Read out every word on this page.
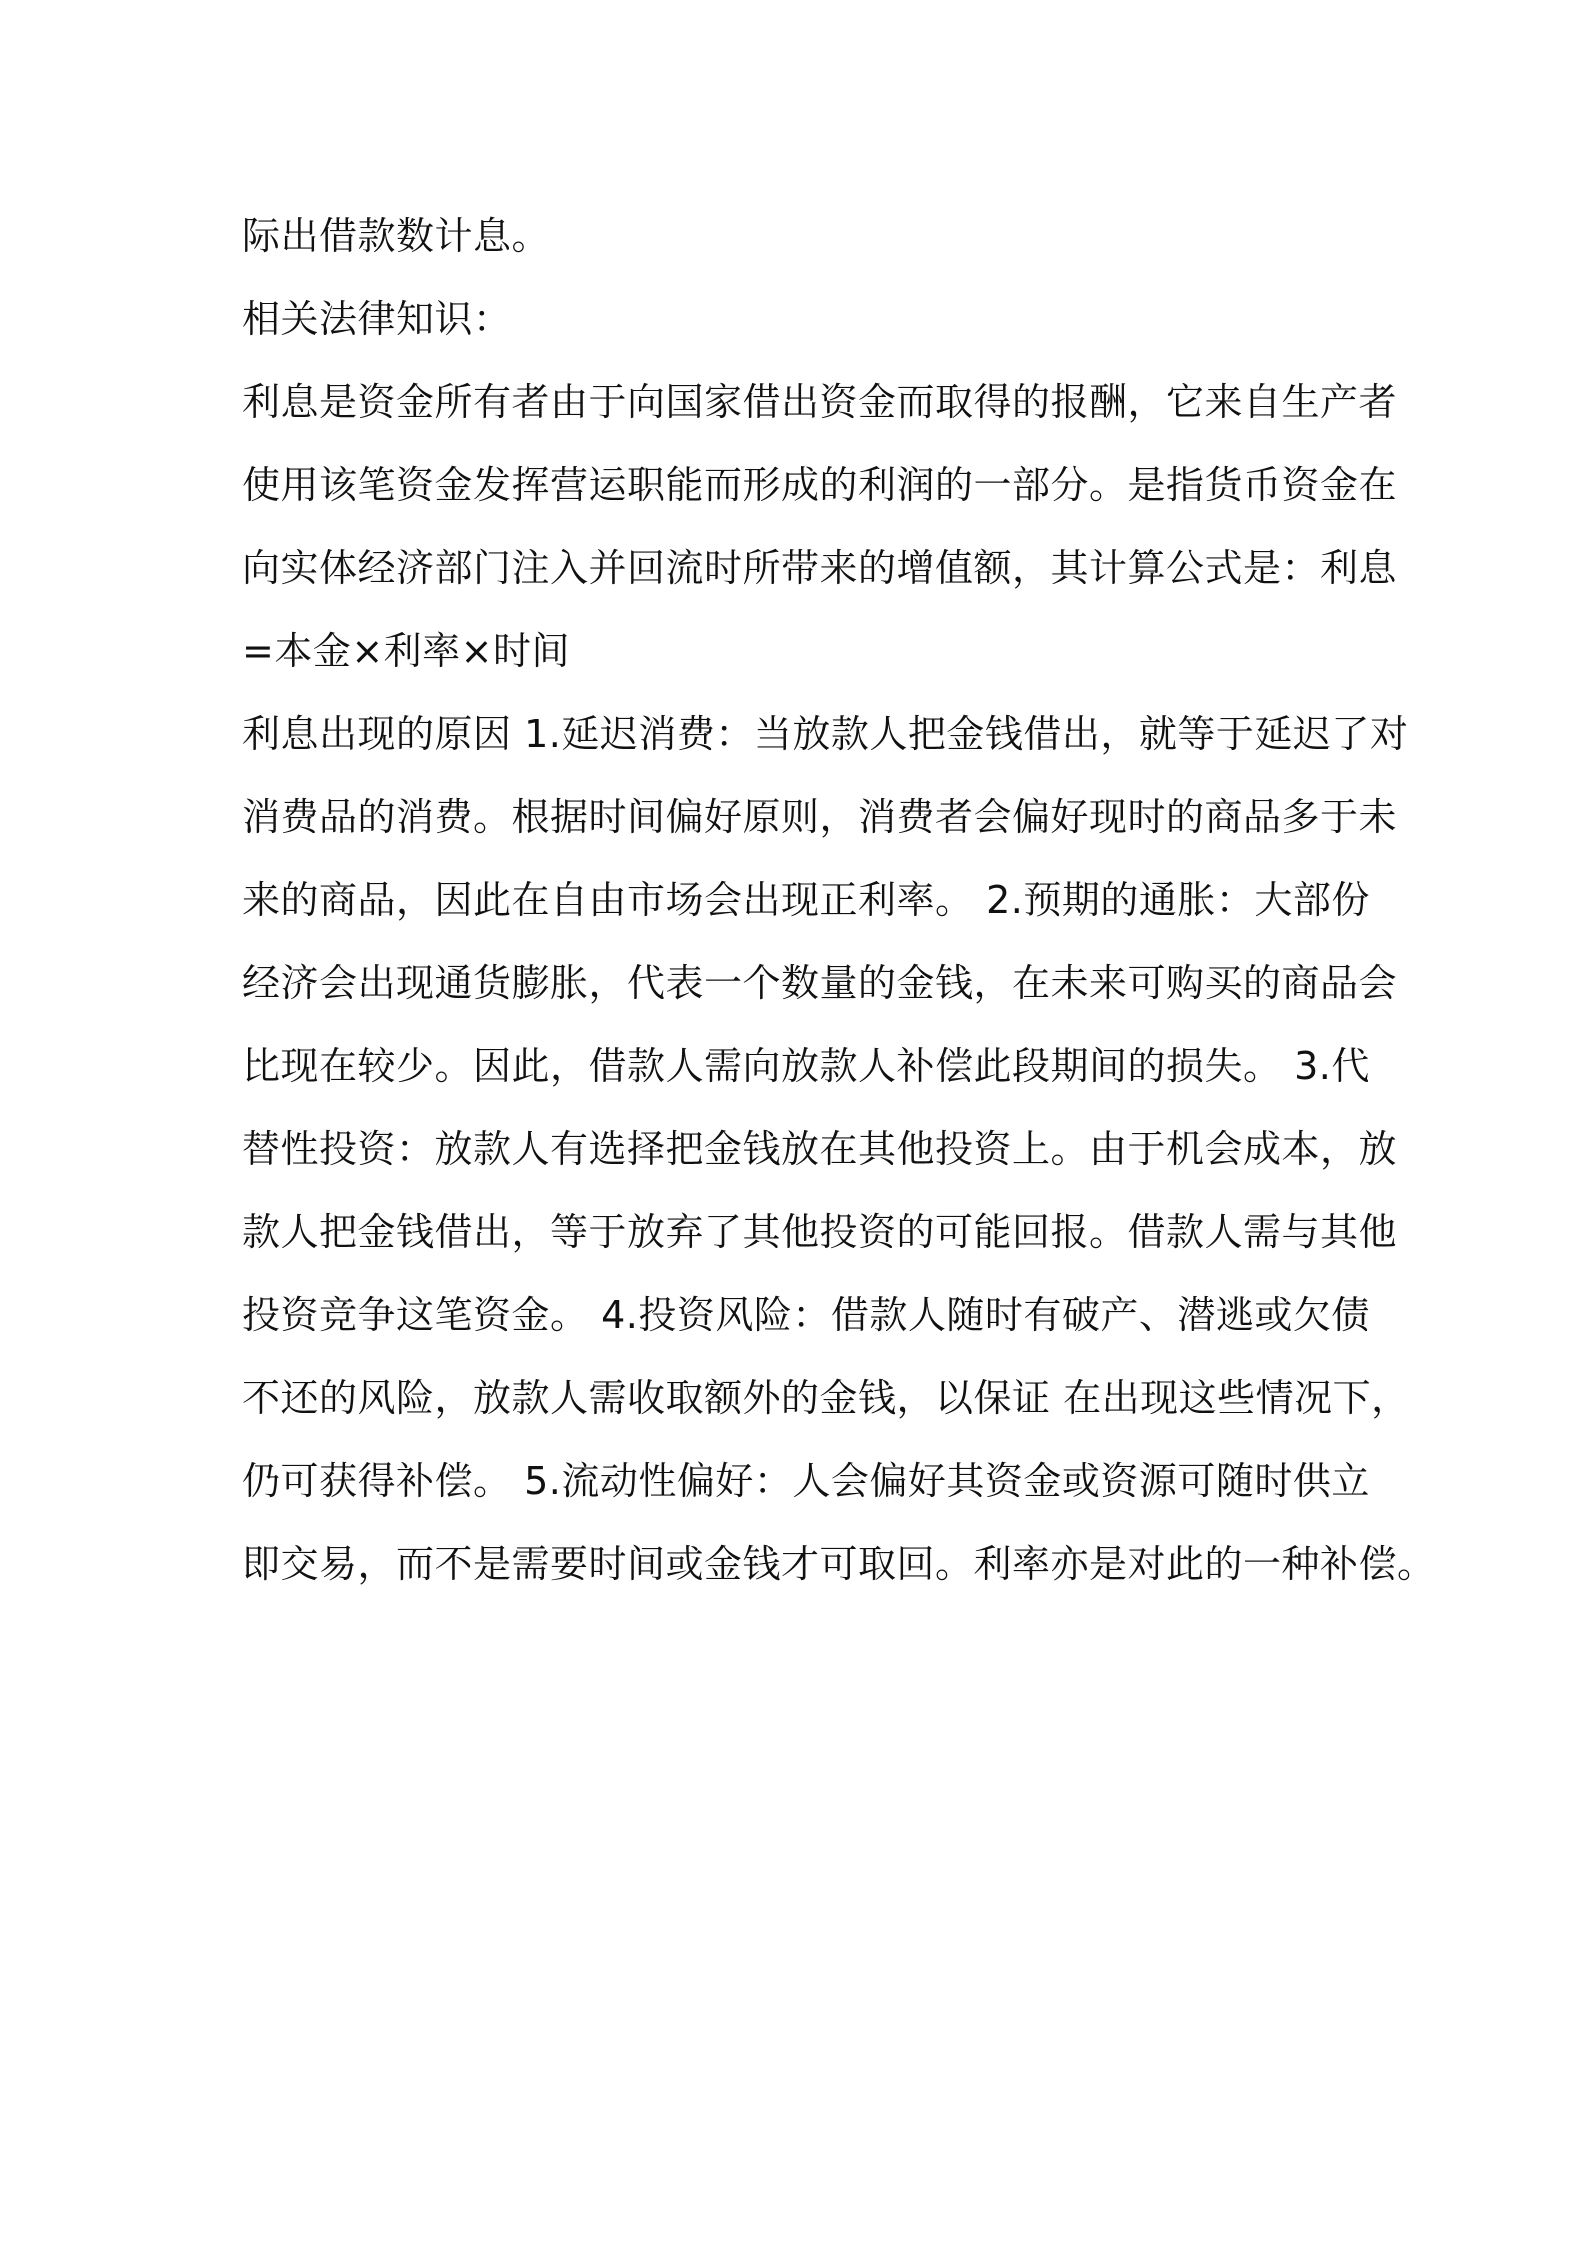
际出借款数计息。
相关法律知识：
利息是资金所有者由于向国家借出资金而取得的报酬，它来自生产者
使用该笔资金发挥营运职能而形成的利润的一部分。是指货币资金在
向实体经济部门注入并回流时所带来的增值额，其计算公式是：利息
=本金×利率×时间
利息出现的原因 1.延迟消费：当放款人把金钱借出，就等于延迟了对
消费品的消费。根据时间偏好原则，消费者会偏好现时的商品多于未
来的商品，因此在自由市场会出现正利率。 2.预期的通胀：大部份
经济会出现通货膨胀，代表一个数量的金钱，在未来可购买的商品会
比现在较少。因此，借款人需向放款人补偿此段期间的损失。 3.代
替性投资：放款人有选择把金钱放在其他投资上。由于机会成本，放
款人把金钱借出，等于放弃了其他投资的可能回报。借款人需与其他
投资竞争这笔资金。 4.投资风险：借款人随时有破产、潜逃或欠债
不还的风险，放款人需收取额外的金钱，以保证 在出现这些情况下，
仍可获得补偿。 5.流动性偏好：人会偏好其资金或资源可随时供立
即交易，而不是需要时间或金钱才可取回。利率亦是对此的一种补偿。
